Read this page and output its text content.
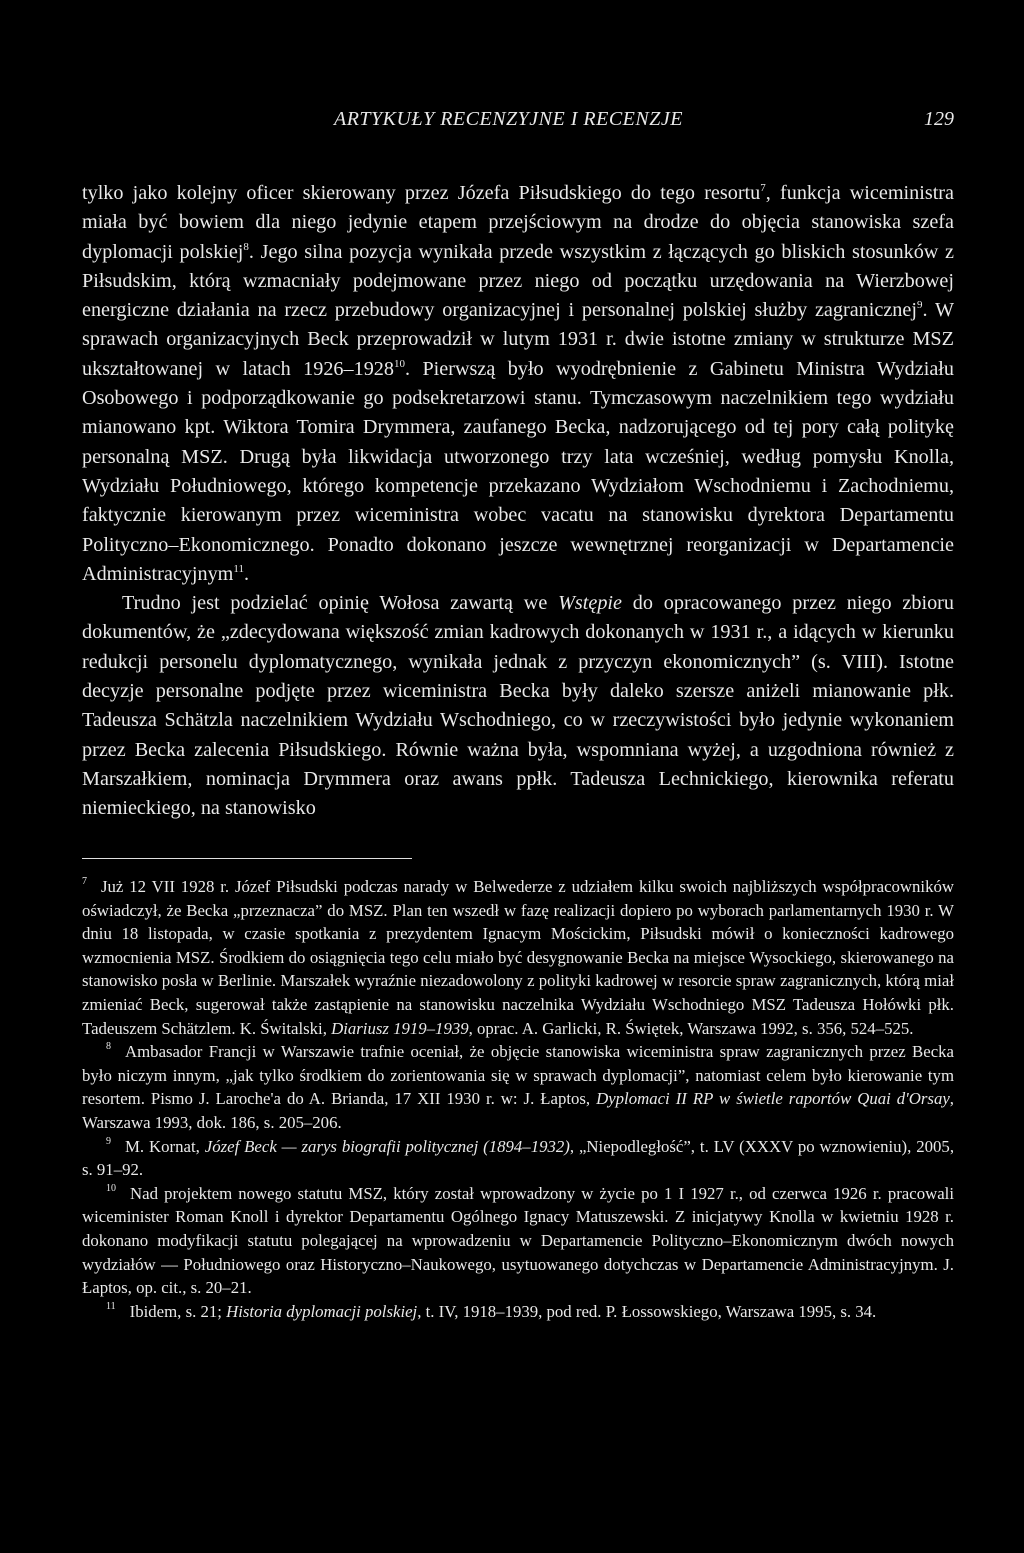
ARTYKUŁY RECENZYJNE I RECENZJE	129

tylko jako kolejny oficer skierowany przez Józefa Piłsudskiego do tego resortu$^7$, funkcja wiceministra miała być bowiem dla niego jedynie etapem przejściowym na drodze do objęcia stanowiska szefa dyplomacji polskiej$^8$. Jego silna pozycja wynikała przede wszystkim z łączących go bliskich stosunków z Piłsudskim, którą wzmacniały podejmowane przez niego od początku urzędowania na Wierzbowej energiczne działania na rzecz przebudowy organizacyjnej i personalnej polskiej służby zagranicznej$^9$. W sprawach organizacyjnych Beck przeprowadził w lutym 1931 r. dwie istotne zmiany w strukturze MSZ ukształtowanej w latach 1926–1928$^{10}$. Pierwszą było wyodrębnienie z Gabinetu Ministra Wydziału Osobowego i podporządkowanie go podsekretarzowi stanu. Tymczasowym naczelnikiem tego wydziału mianowano kpt. Wiktora Tomira Drymmera, zaufanego Becka, nadzorującego od tej pory całą politykę personalną MSZ. Drugą była likwidacja utworzonego trzy lata wcześniej, według pomysłu Knolla, Wydziału Południowego, którego kompetencje przekazano Wydziałom Wschodniemu i Zachodniemu, faktycznie kierowanym przez wiceministra wobec vacatu na stanowisku dyrektora Departamentu Polityczno–Ekonomicznego. Ponadto dokonano jeszcze wewnętrznej reorganizacji w Departamencie Administracyjnym$^{11}$.

Trudno jest podzielać opinię Wołosa zawartą we Wstępie do opracowanego przez niego zbioru dokumentów, że „zdecydowana większość zmian kadrowych dokonanych w 1931 r., a idących w kierunku redukcji personelu dyplomatycznego, wynikała jednak z przyczyn ekonomicznych” (s. VIII). Istotne decyzje personalne podjęte przez wiceministra Becka były daleko szersze aniżeli mianowanie płk. Tadeusza Schätzla naczelnikiem Wydziału Wschodniego, co w rzeczywistości było jedynie wykonaniem przez Becka zalecenia Piłsudskiego. Równie ważna była, wspomniana wyżej, a uzgodniona również z Marszałkiem, nominacja Drymmera oraz awans ppłk. Tadeusza Lechnickiego, kierownika referatu niemieckiego, na stanowisko

$^7$ Już 12 VII 1928 r. Józef Piłsudski podczas narady w Belwederze z udziałem kilku swoich najbliższych współpracowników oświadczył, że Becka „przeznacza” do MSZ. Plan ten wszedł w fazę realizacji dopiero po wyborach parlamentarnych 1930 r. W dniu 18 listopada, w czasie spotkania z prezydentem Ignacym Mościckim, Piłsudski mówił o konieczności kadrowego wzmocnienia MSZ. Środkiem do osiągnięcia tego celu miało być desygnowanie Becka na miejsce Wysockiego, skierowanego na stanowisko posła w Berlinie. Marszałek wyraźnie niezadowolony z polityki kadrowej w resorcie spraw zagranicznych, którą miał zmieniać Beck, sugerował także zastąpienie na stanowisku naczelnika Wydziału Wschodniego MSZ Tadeusza Hołówki płk. Tadeuszem Schätzlem. K. Świtalski, Diariusz 1919–1939, oprac. A. Garlicki, R. Świętek, Warszawa 1992, s. 356, 524–525.

$^8$ Ambasador Francji w Warszawie trafnie oceniał, że objęcie stanowiska wiceministra spraw zagranicznych przez Becka było niczym innym, „jak tylko środkiem do zorientowania się w sprawach dyplomacji”, natomiast celem było kierowanie tym resortem. Pismo J. Laroche'a do A. Brianda, 17 XII 1930 r. w: J. Łaptos, Dyplomaci II RP w świetle raportów Quai d'Orsay, Warszawa 1993, dok. 186, s. 205–206.

$^9$ M. Kornat, Józef Beck — zarys biografii politycznej (1894–1932), „Niepodległość”, t. LV (XXXV po wznowieniu), 2005, s. 91–92.

$^{10}$ Nad projektem nowego statutu MSZ, który został wprowadzony w życie po 1 I 1927 r., od czerwca 1926 r. pracowali wiceminister Roman Knoll i dyrektor Departamentu Ogólnego Ignacy Matuszewski. Z inicjatywy Knolla w kwietniu 1928 r. dokonano modyfikacji statutu polegającej na wprowadzeniu w Departamencie Polityczno–Ekonomicznym dwóch nowych wydziałów — Południowego oraz Historyczno–Naukowego, usytuowanego dotychczas w Departamencie Administracyjnym. J. Łaptos, op. cit., s. 20–21.

$^{11}$ Ibidem, s. 21; Historia dyplomacji polskiej, t. IV, 1918–1939, pod red. P. Łossowskiego, Warszawa 1995, s. 34.
